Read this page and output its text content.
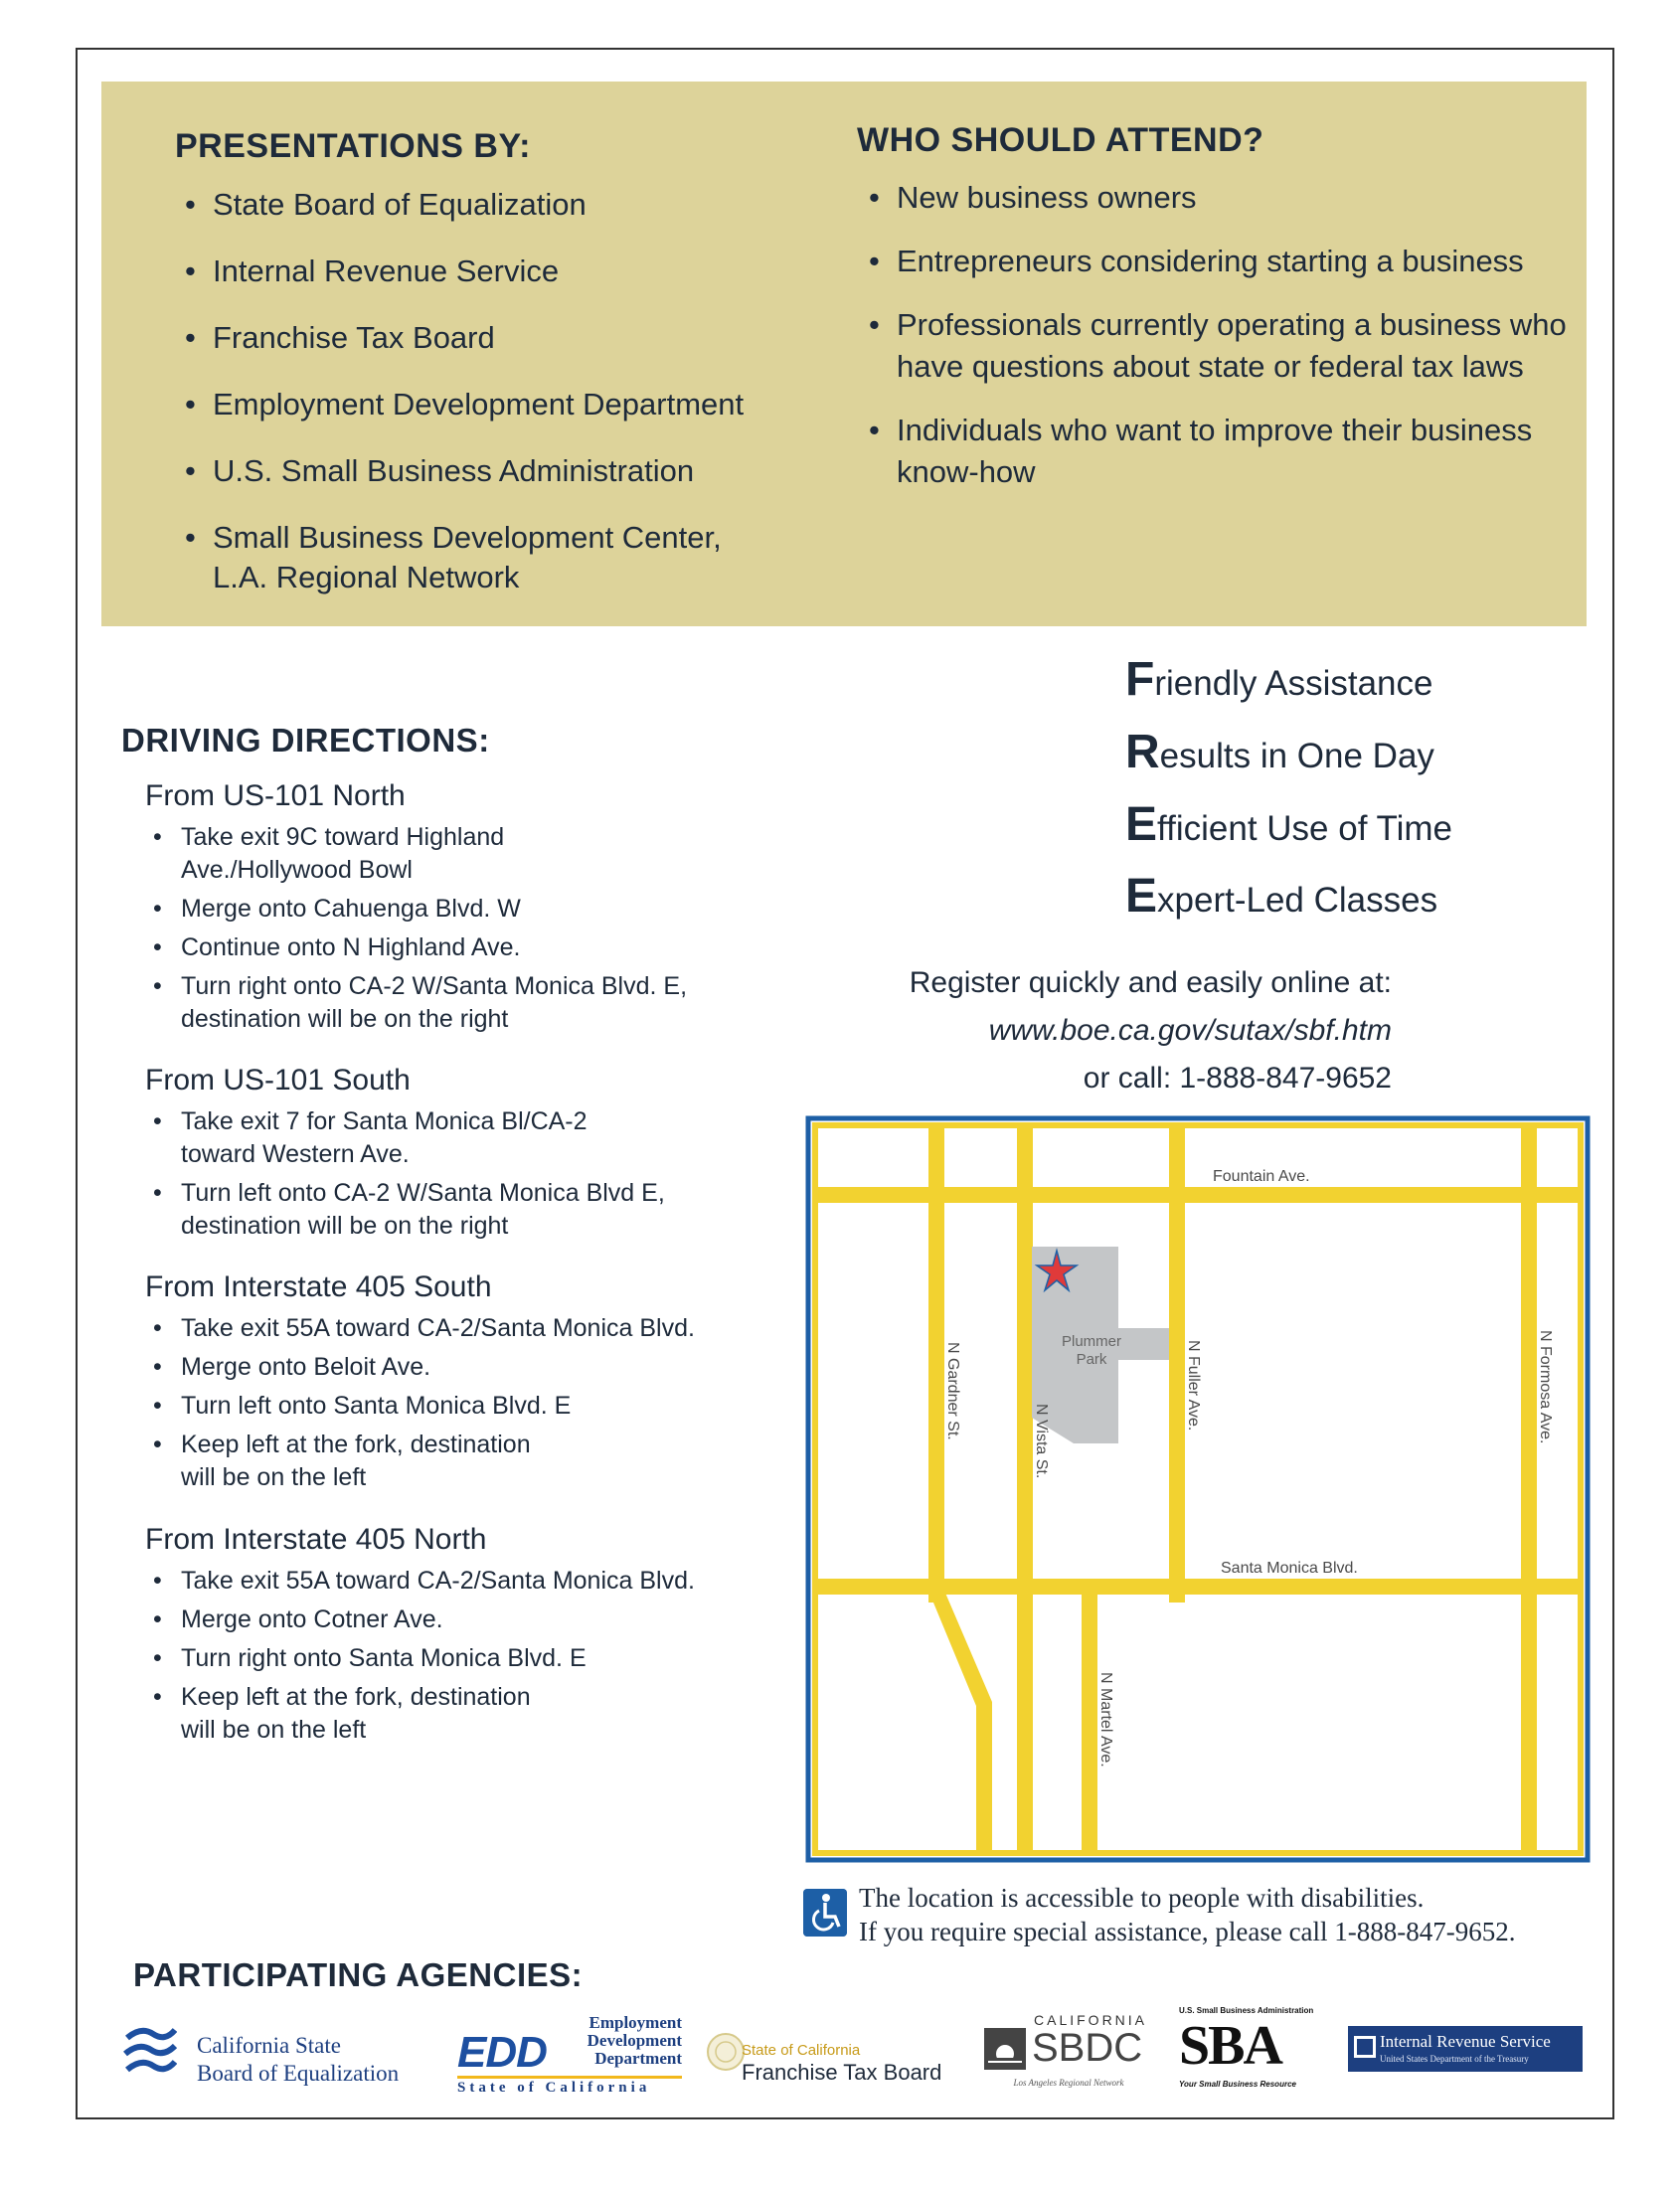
PRESENTATIONS BY:
• State Board of Equalization
• Internal Revenue Service
• Franchise Tax Board
• Employment Development Department
• U.S. Small Business Administration
• Small Business Development Center, L.A. Regional Network
WHO SHOULD ATTEND?
• New business owners
• Entrepreneurs considering starting a business
• Professionals currently operating a business who have questions about state or federal tax laws
• Individuals who want to improve their business know-how
Friendly Assistance
Results in One Day
Efficient Use of Time
Expert-Led Classes
Register quickly and easily online at:
www.boe.ca.gov/sutax/sbf.htm
or call: 1-888-847-9652
DRIVING DIRECTIONS:
From US-101 North
• Take exit 9C toward Highland Ave./Hollywood Bowl
• Merge onto Cahuenga Blvd. W
• Continue onto N Highland Ave.
• Turn right onto CA-2 W/Santa Monica Blvd. E, destination will be on the right
From US-101 South
• Take exit 7 for Santa Monica Bl/CA-2 toward Western Ave.
• Turn left onto CA-2 W/Santa Monica Blvd E, destination will be on the right
From Interstate 405 South
• Take exit 55A toward CA-2/Santa Monica Blvd.
• Merge onto Beloit Ave.
• Turn left onto Santa Monica Blvd. E
• Keep left at the fork, destination will be on the left
From Interstate 405 North
• Take exit 55A toward CA-2/Santa Monica Blvd.
• Merge onto Cotner Ave.
• Turn right onto Santa Monica Blvd. E
• Keep left at the fork, destination will be on the left
Fountain Ave.
Santa Monica Blvd.
N Gardner St.
N Vista St.
N Fuller Ave.	N Formosa Ave.
N Martel Ave.
Plummer
Park
The location is accessible to people with disabilities.
If you require special assistance, please call 1-888-847-9652.
PARTICIPATING AGENCIES:
California State
Board of Equalization EDD
Employment
Development
Department
State of California
State of California
Franchise Tax Board
CALIFORNIA
SBDC
Los Angeles Regional Network
U.S. Small Business Administration
SBA
Your Small Business Resource
Internal Revenue Service
United States Department of the Treasury
